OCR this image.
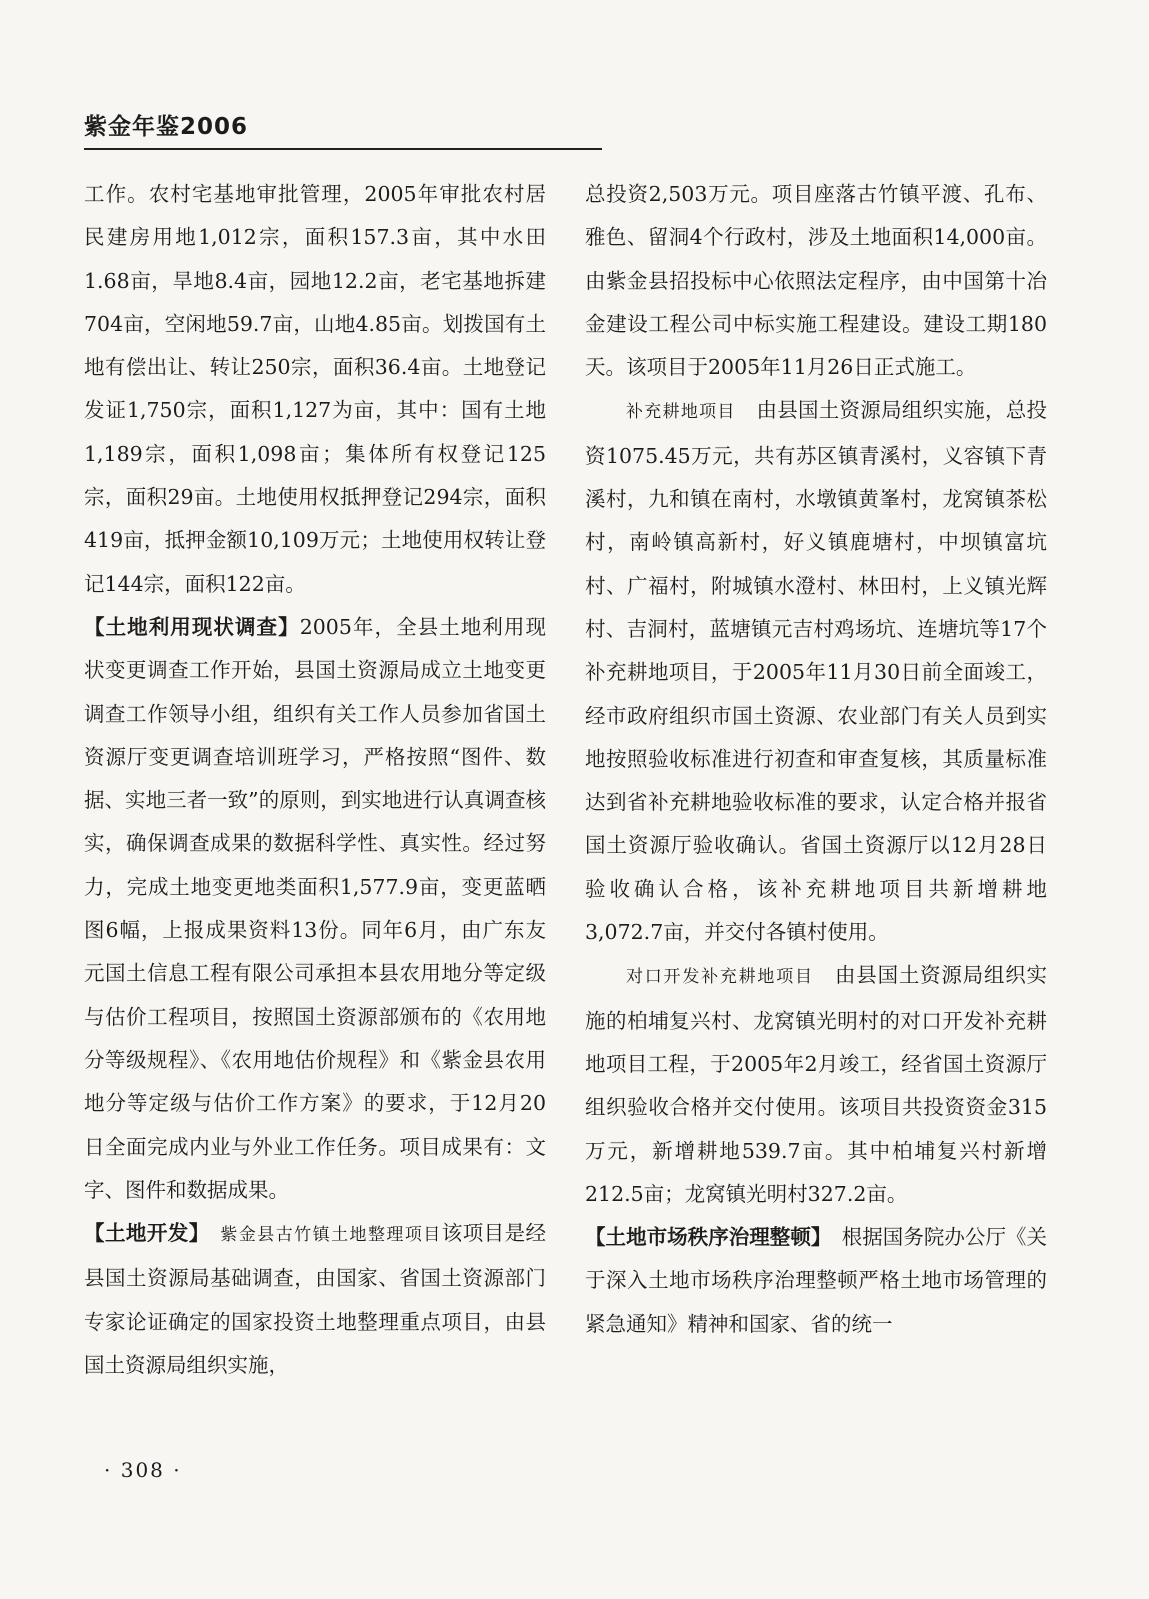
紫金年鉴2006

工作。农村宅基地审批管理，2005年审批农村居民建房用地1,012宗，面积157.3亩，其中水田1.68亩，旱地8.4亩，园地12.2亩，老宅基地拆建704亩，空闲地59.7亩，山地4.85亩。划拨国有土地有偿出让、转让250宗，面积36.4亩。土地登记发证1,750宗，面积1,127为亩，其中：国有土地1,189宗，面积1,098亩；集体所有权登记125宗，面积29亩。土地使用权抵押登记294宗，面积419亩，抵押金额10,109万元；土地使用权转让登记144宗，面积122亩。

【土地利用现状调查】2005年，全县土地利用现状变更调查工作开始，县国土资源局成立土地变更调查工作领导小组，组织有关工作人员参加省国土资源厅变更调查培训班学习，严格按照“图件、数据、实地三者一致”的原则，到实地进行认真调查核实，确保调查成果的数据科学性、真实性。经过努力，完成土地变更地类面积1,577.9亩，变更蓝晒图6幅，上报成果资料13份。同年6月，由广东友元国土信息工程有限公司承担本县农用地分等定级与估价工程项目，按照国土资源部颁布的《农用地分等级规程》、《农用地估价规程》和《紫金县农用地分等定级与估价工作方案》的要求，于12月20日全面完成内业与外业工作任务。项目成果有：文字、图件和数据成果。

【土地开发】　 紫金县古竹镇土地整理项目该项目是经县国土资源局基础调查，由国家、省国土资源部门专家论证确定的国家投资土地整理重点项目，由县国土资源局组织实施，

总投资2,503万元。项目座落古竹镇平渡、孔布、雅色、留洞4个行政村，涉及土地面积14,000亩。由紫金县招投标中心依照法定程序，由中国第十冶金建设工程公司中标实施工程建设。建设工期180天。该项目于2005年11月26日正式施工。

补充耕地项目　 由县国土资源局组织实施，总投资1075.45万元，共有苏区镇青溪村，义容镇下青溪村，九和镇在南村，水墩镇黄峯村，龙窝镇茶松村，南岭镇高新村，好义镇鹿塘村，中坝镇富坑村、广福村，附城镇水澄村、林田村，上义镇光辉村、吉洞村，蓝塘镇元吉村鸡场坑、连塘坑等17个补充耕地项目，于2005年11月30日前全面竣工，经市政府组织市国土资源、农业部门有关人员到实地按照验收标准进行初查和审查复核，其质量标准达到省补充耕地验收标准的要求，认定合格并报省国土资源厅验收确认。省国土资源厅以12月28日验收确认合格，该补充耕地项目共新增耕地3,072.7亩，并交付各镇村使用。

对口开发补充耕地项目　 由县国土资源局组织实施的柏埔复兴村、龙窝镇光明村的对口开发补充耕地项目工程，于2005年2月竣工，经省国土资源厅组织验收合格并交付使用。该项目共投资资金315万元，新增耕地539.7亩。其中柏埔复兴村新增212.5亩；龙窝镇光明村327.2亩。

【土地市场秩序治理整顿】　 根据国务院办公厅《关于深入土地市场秩序治理整顿严格土地市场管理的紧急通知》精神和国家、省的统一

· 308 ·
